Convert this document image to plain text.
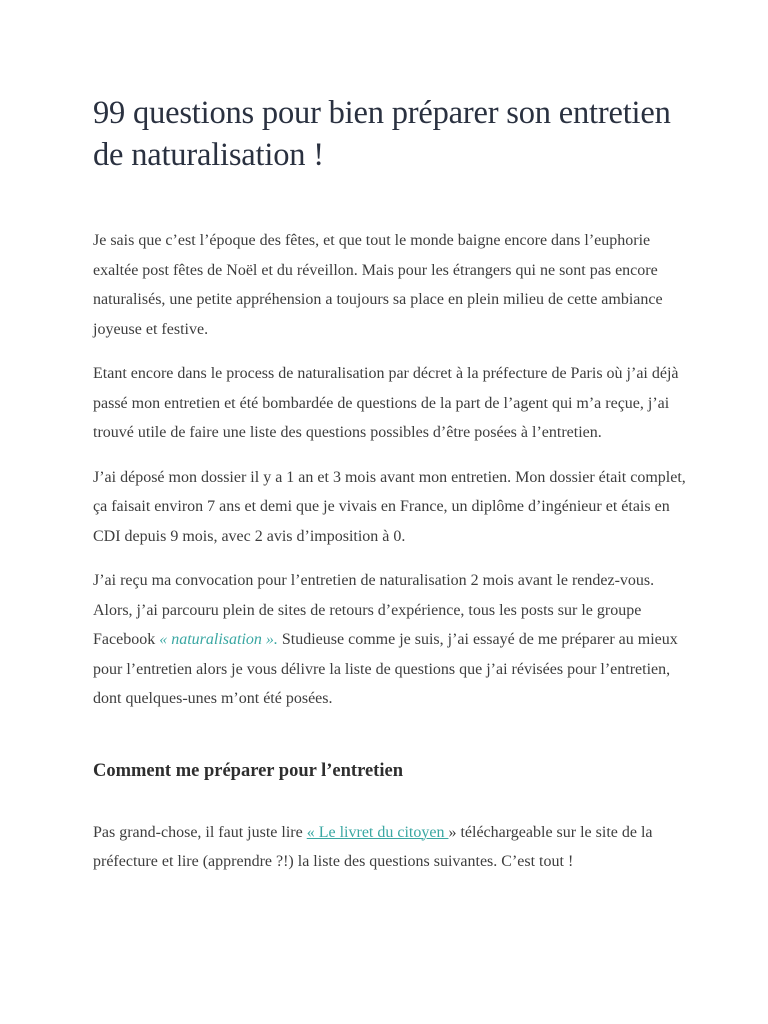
99 questions pour bien préparer son entretien de naturalisation !

Je sais que c’est l’époque des fêtes, et que tout le monde baigne encore dans l’euphorie exaltée post fêtes de Noël et du réveillon. Mais pour les étrangers qui ne sont pas encore naturalisés, une petite appréhension a toujours sa place en plein milieu de cette ambiance joyeuse et festive.

Etant encore dans le process de naturalisation par décret à la préfecture de Paris où j’ai déjà passé mon entretien et été bombardée de questions de la part de l’agent qui m’a reçue, j’ai trouvé utile de faire une liste des questions possibles d’être posées à l’entretien.

J’ai déposé mon dossier il y a 1 an et 3 mois avant mon entretien. Mon dossier était complet, ça faisait environ 7 ans et demi que je vivais en France, un diplôme d’ingénieur et étais en CDI depuis 9 mois, avec 2 avis d’imposition à 0.

J’ai reçu ma convocation pour l’entretien de naturalisation 2 mois avant le rendez-vous. Alors, j’ai parcouru plein de sites de retours d’expérience, tous les posts sur le groupe Facebook « naturalisation ». Studieuse comme je suis, j’ai essayé de me préparer au mieux pour l’entretien alors je vous délivre la liste de questions que j’ai révisées pour l’entretien, dont quelques-unes m’ont été posées.

Comment me préparer pour l’entretien

Pas grand-chose, il faut juste lire « Le livret du citoyen » téléchargeable sur le site de la préfecture et lire (apprendre ?!) la liste des questions suivantes. C’est tout !
